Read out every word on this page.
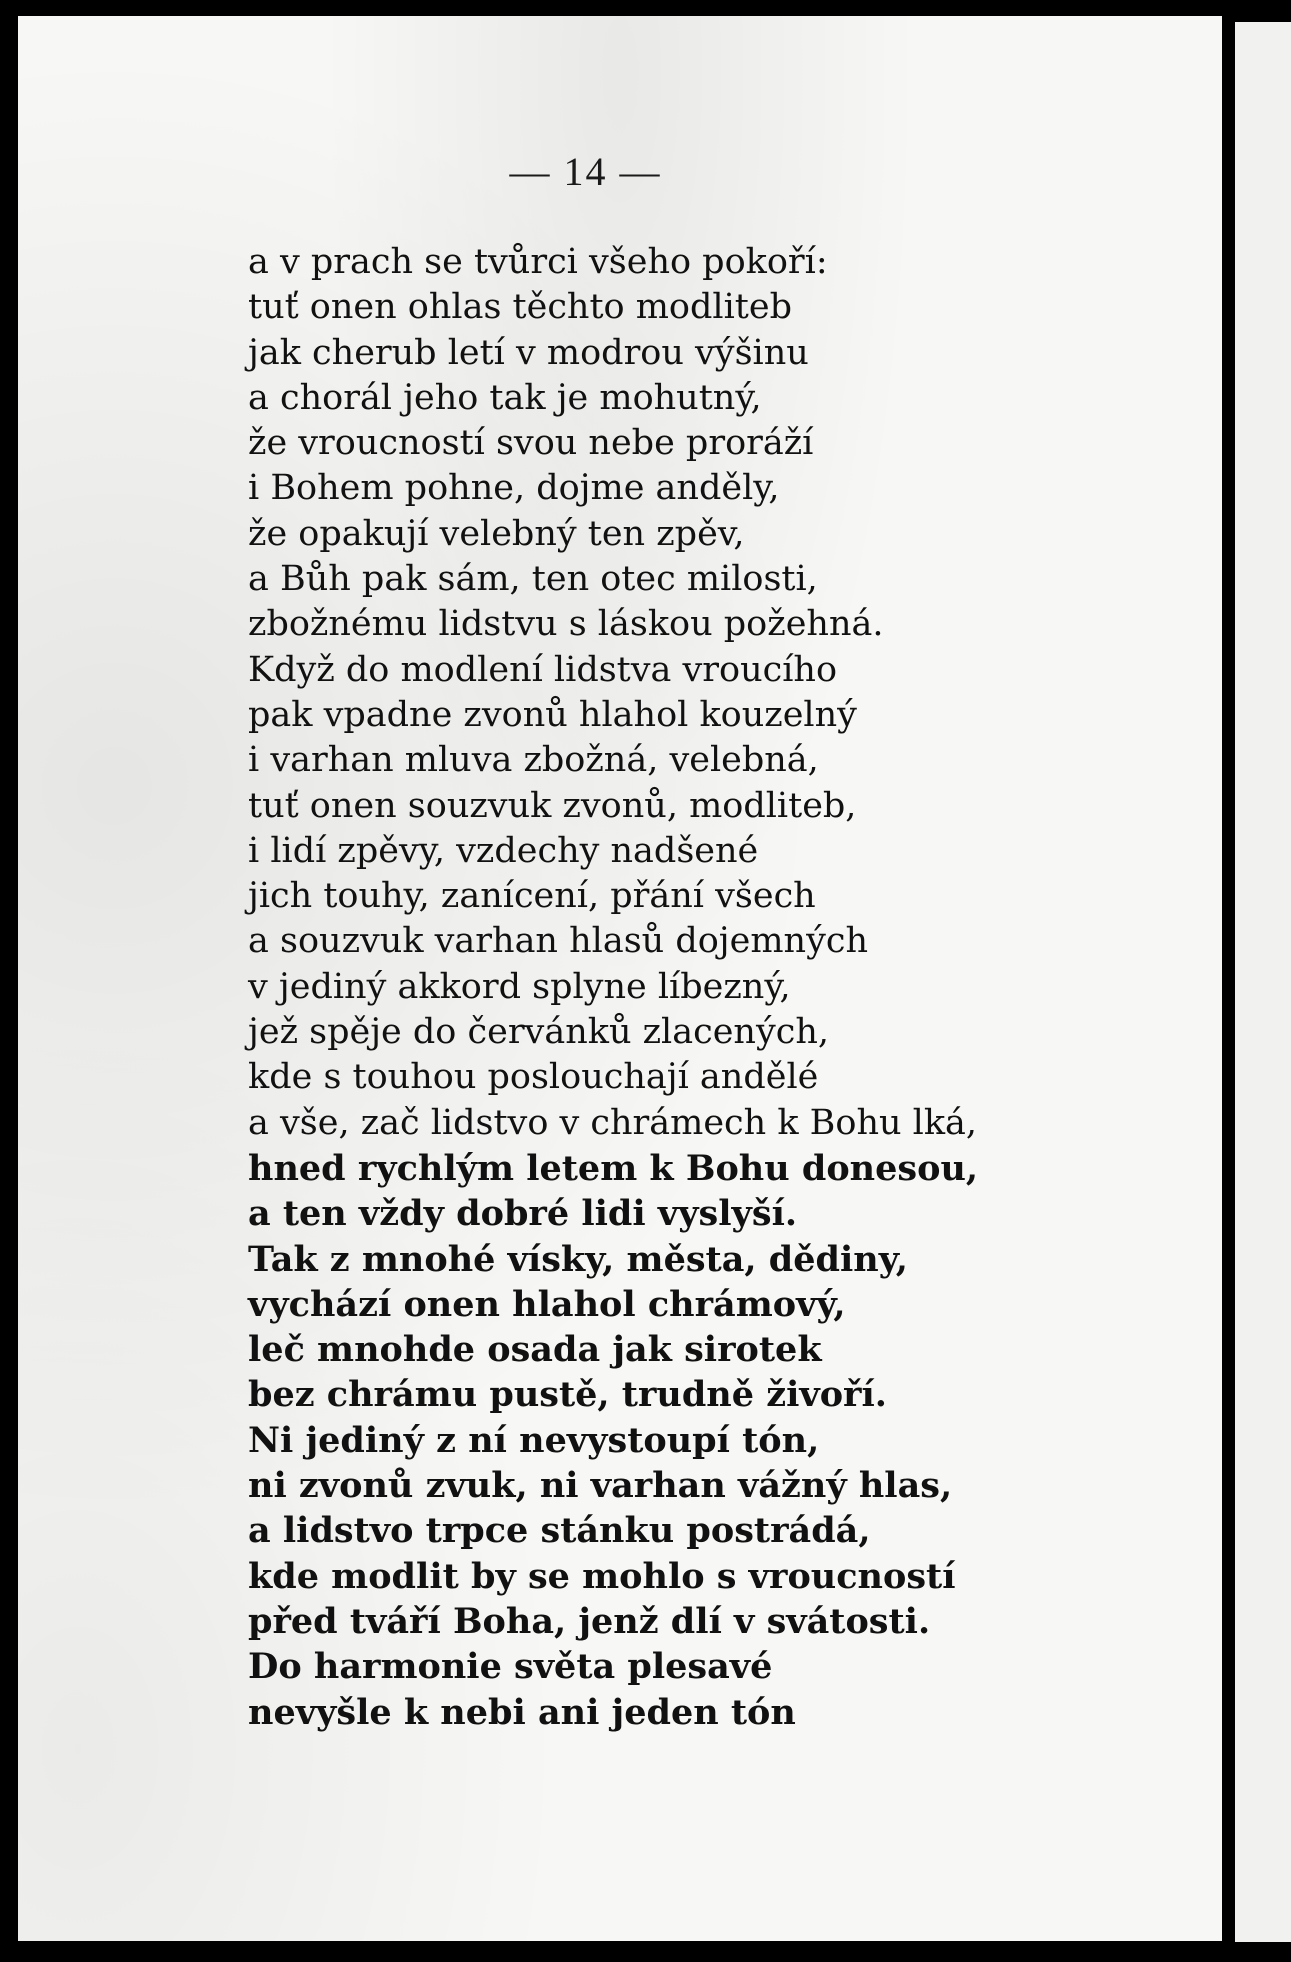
— 14 —
a v prach se tvůrci všeho pokoří:
tuť onen ohlas těchto modliteb
jak cherub letí v modrou výšinu
a chorál jeho tak je mohutný,
že vroucností svou nebe proráží
i Bohem pohne, dojme anděly,
že opakují velebný ten zpěv,
a Bůh pak sám, ten otec milosti,
zbožnému lidstvu s láskou požehná.
Když do modlení lidstva vroucího
pak vpadne zvonů hlahol kouzelný
i varhan mluva zbožná, velebná,
tuť onen souzvuk zvonů, modliteb,
i lidí zpěvy, vzdechy nadšené
jich touhy, zanícení, přání všech
a souzvuk varhan hlasů dojemných
v jediný akkord splyne líbezný,
jež spěje do červánků zlacených,
kde s touhou poslouchají andělé
a vše, zač lidstvo v chrámech k Bohu lká,
hned rychlým letem k Bohu donesou,
a ten vždy dobré lidi vyslyší.
Tak z mnohé vísky, města, dědiny,
vychází onen hlahol chrámový,
leč mnohde osada jak sirotek
bez chrámu pustě, trudně živoří.
Ni jediný z ní nevystoupí tón,
ni zvonů zvuk, ni varhan vážný hlas,
a lidstvo trpce stánku postrádá,
kde modlit by se mohlo s vroucností
před tváří Boha, jenž dlí v svátosti.
Do harmonie světa plesavé
nevyšle k nebi ani jeden tón
